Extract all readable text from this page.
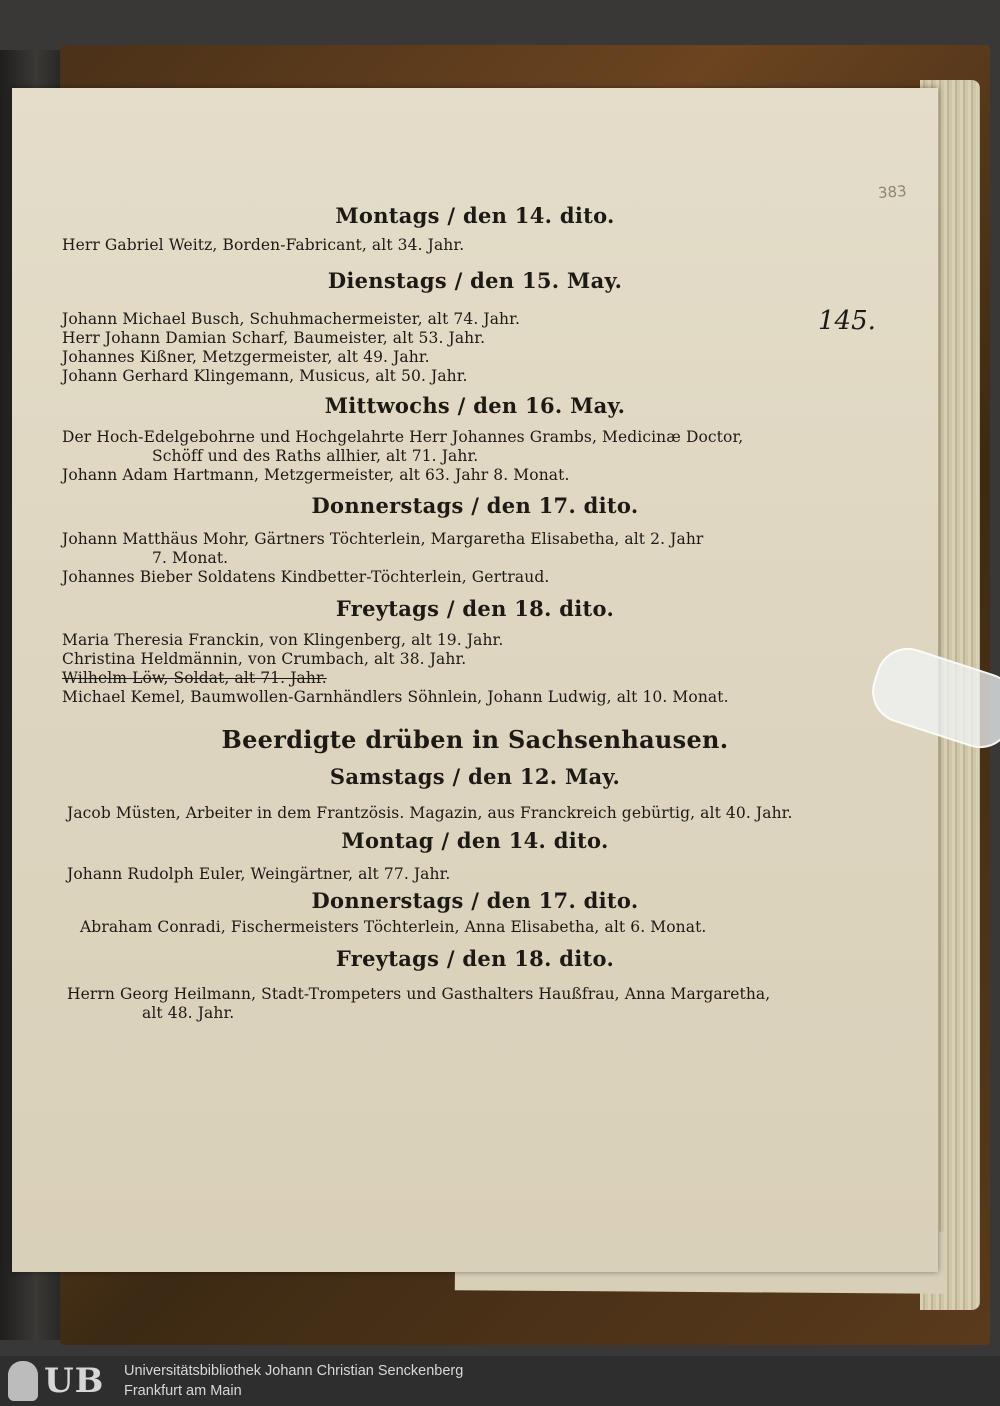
383
145.
Montags / den 14. dito.
Herr Gabriel Weitz, Borden-Fabricant, alt 34. Jahr.
Dienstags / den 15. May.
Johann Michael Busch, Schuhmachermeister, alt 74. Jahr.
Herr Johann Damian Scharf, Baumeister, alt 53. Jahr.
Johannes Kißner, Metzgermeister, alt 49. Jahr.
Johann Gerhard Klingemann, Musicus, alt 50. Jahr.
Mittwochs / den 16. May.
Der Hoch-Edelgebohrne und Hochgelahrte Herr Johannes Grambs, Medicinæ Doctor,
Schöff und des Raths allhier, alt 71. Jahr.
Johann Adam Hartmann, Metzgermeister, alt 63. Jahr 8. Monat.
Donnerstags / den 17. dito.
Johann Matthäus Mohr, Gärtners Töchterlein, Margaretha Elisabetha, alt 2. Jahr
7. Monat.
Johannes Bieber Soldatens Kindbetter-Töchterlein, Gertraud.
Freytags / den 18. dito.
Maria Theresia Franckin, von Klingenberg, alt 19. Jahr.
Christina Heldmännin, von Crumbach, alt 38. Jahr.
Wilhelm Löw, Soldat, alt 71. Jahr.
Michael Kemel, Baumwollen-Garnhändlers Söhnlein, Johann Ludwig, alt 10. Monat.
Beerdigte drüben in Sachsenhausen.
Samstags / den 12. May.
Jacob Müsten, Arbeiter in dem Frantzösis. Magazin, aus Franckreich gebürtig, alt 40. Jahr.
Montag / den 14. dito.
Johann Rudolph Euler, Weingärtner, alt 77. Jahr.
Donnerstags / den 17. dito.
Abraham Conradi, Fischermeisters Töchterlein, Anna Elisabetha, alt 6. Monat.
Freytags / den 18. dito.
Herrn Georg Heilmann, Stadt-Trompeters und Gasthalters Haußfrau, Anna Margaretha,
alt 48. Jahr.
UB Universitätsbibliothek Johann Christian Senckenberg
Frankfurt am Main
